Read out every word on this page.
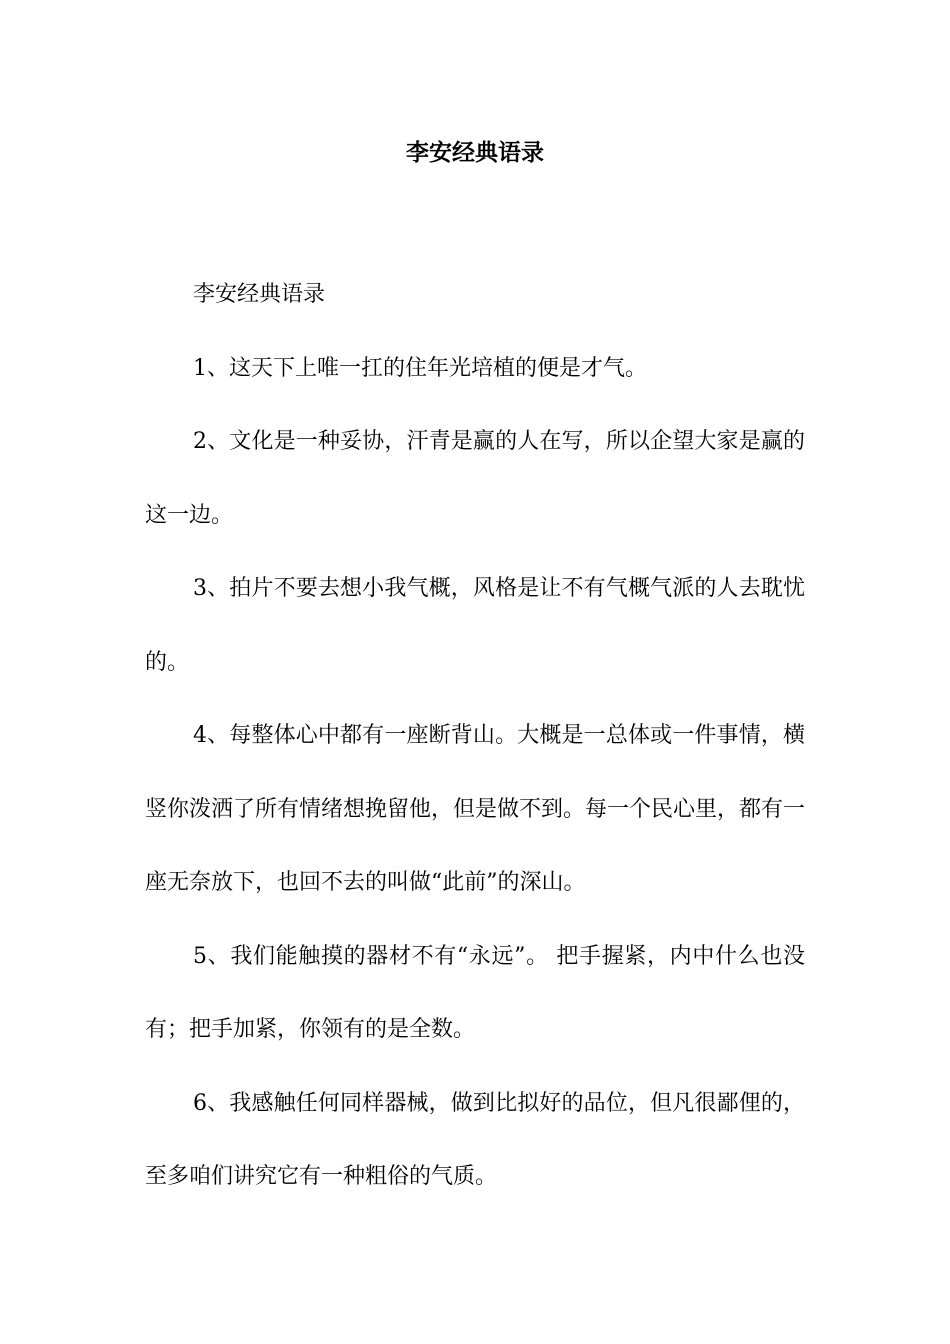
李安经典语录

李安经典语录

1、这天下上唯一扛的住年光培植的便是才气。

2、文化是一种妥协，汗青是赢的人在写，所以企望大家是赢的这一边。

3、拍片不要去想小我气概，风格是让不有气概气派的人去耽忧的。

4、每整体心中都有一座断背山。大概是一总体或一件事情，横竖你泼洒了所有情绪想挽留他，但是做不到。每一个民心里，都有一座无奈放下，也回不去的叫做“此前”的深山。

5、我们能触摸的器材不有“永远”。 把手握紧，内中什么也没有；把手加紧，你领有的是全数。

6、我感触任何同样器械，做到比拟好的品位，但凡很鄙俚的，至多咱们讲究它有一种粗俗的气质。
